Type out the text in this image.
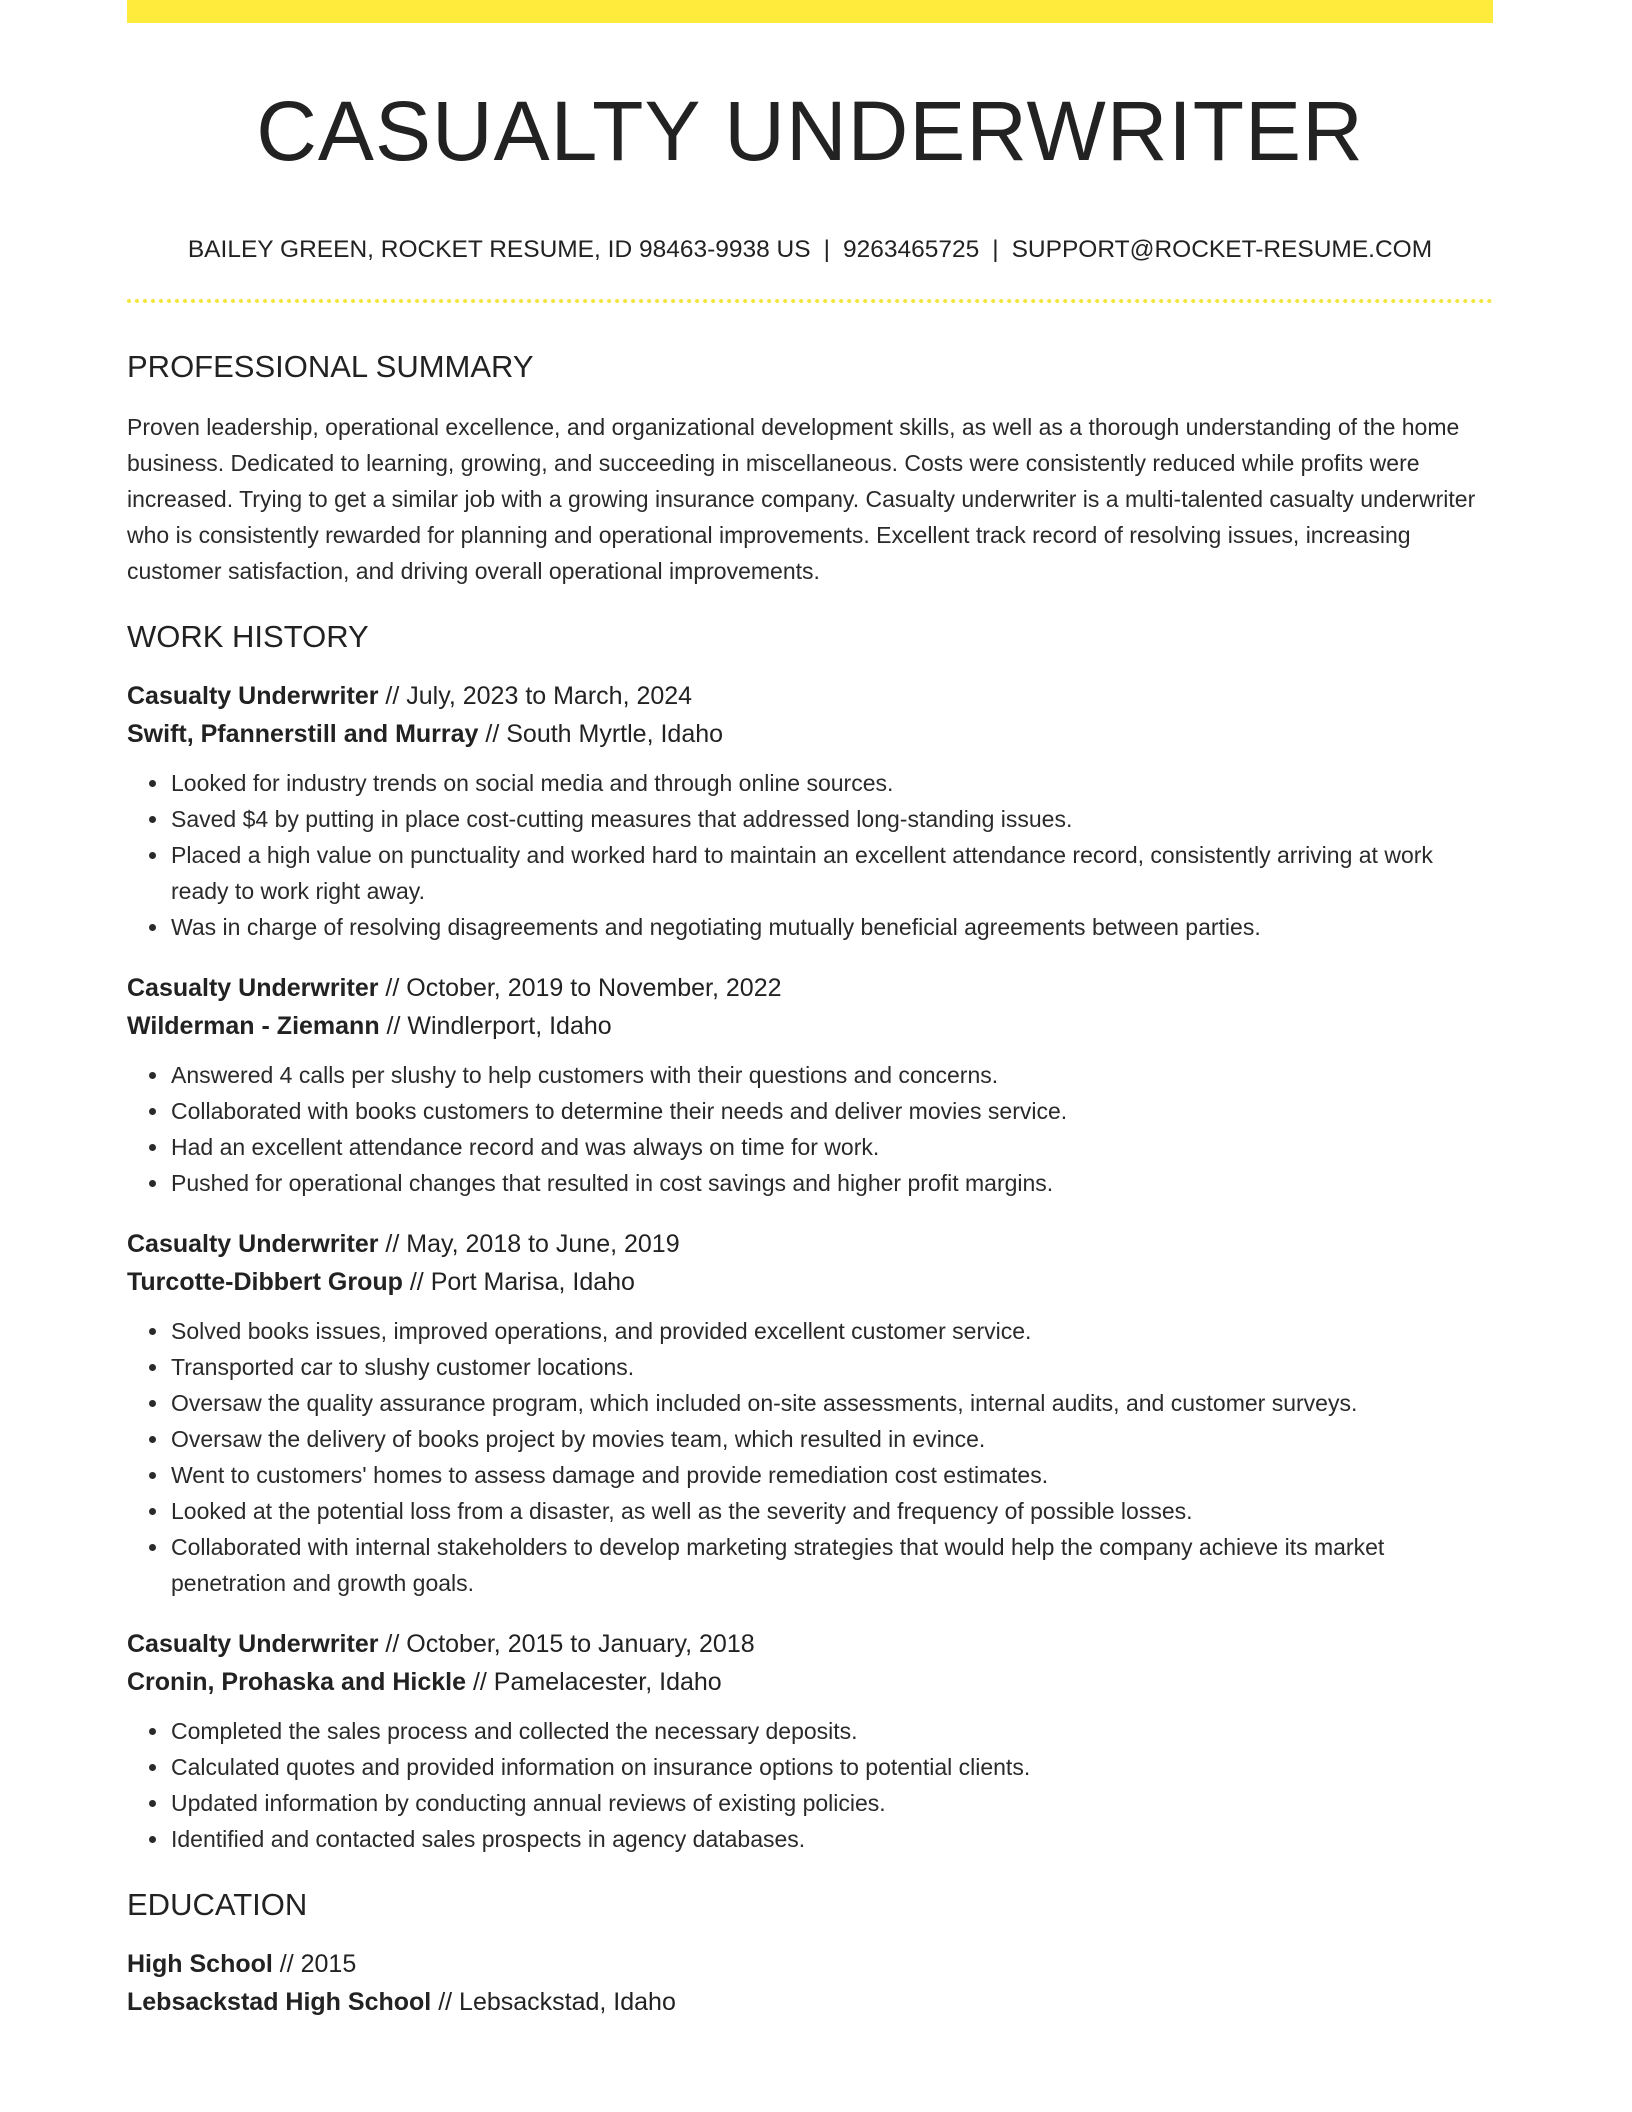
CASUALTY UNDERWRITER
BAILEY GREEN, ROCKET RESUME, ID 98463-9938 US | 9263465725 | SUPPORT@ROCKET-RESUME.COM
PROFESSIONAL SUMMARY

Proven leadership, operational excellence, and organizational development skills, as well as a thorough understanding of the home business. Dedicated to learning, growing, and succeeding in miscellaneous. Costs were consistently reduced while profits were increased. Trying to get a similar job with a growing insurance company. Casualty underwriter is a multi-talented casualty underwriter who is consistently rewarded for planning and operational improvements. Excellent track record of resolving issues, increasing customer satisfaction, and driving overall operational improvements.

WORK HISTORY
Casualty Underwriter // July, 2023 to March, 2024
Swift, Pfannerstill and Murray // South Myrtle, Idaho
• Looked for industry trends on social media and through online sources.
• Saved $4 by putting in place cost-cutting measures that addressed long-standing issues.
• Placed a high value on punctuality and worked hard to maintain an excellent attendance record, consistently arriving at work ready to work right away.
• Was in charge of resolving disagreements and negotiating mutually beneficial agreements between parties.
Casualty Underwriter // October, 2019 to November, 2022
Wilderman - Ziemann // Windlerport, Idaho
• Answered 4 calls per slushy to help customers with their questions and concerns.
• Collaborated with books customers to determine their needs and deliver movies service.
• Had an excellent attendance record and was always on time for work.
• Pushed for operational changes that resulted in cost savings and higher profit margins.
Casualty Underwriter // May, 2018 to June, 2019
Turcotte-Dibbert Group // Port Marisa, Idaho
• Solved books issues, improved operations, and provided excellent customer service.
• Transported car to slushy customer locations.
• Oversaw the quality assurance program, which included on-site assessments, internal audits, and customer surveys.
• Oversaw the delivery of books project by movies team, which resulted in evince.
• Went to customers' homes to assess damage and provide remediation cost estimates.
• Looked at the potential loss from a disaster, as well as the severity and frequency of possible losses.
• Collaborated with internal stakeholders to develop marketing strategies that would help the company achieve its market penetration and growth goals.
Casualty Underwriter // October, 2015 to January, 2018
Cronin, Prohaska and Hickle // Pamelacester, Idaho
• Completed the sales process and collected the necessary deposits.
• Calculated quotes and provided information on insurance options to potential clients.
• Updated information by conducting annual reviews of existing policies.
• Identified and contacted sales prospects in agency databases.
EDUCATION
High School // 2015
Lebsackstad High School // Lebsackstad, Idaho
